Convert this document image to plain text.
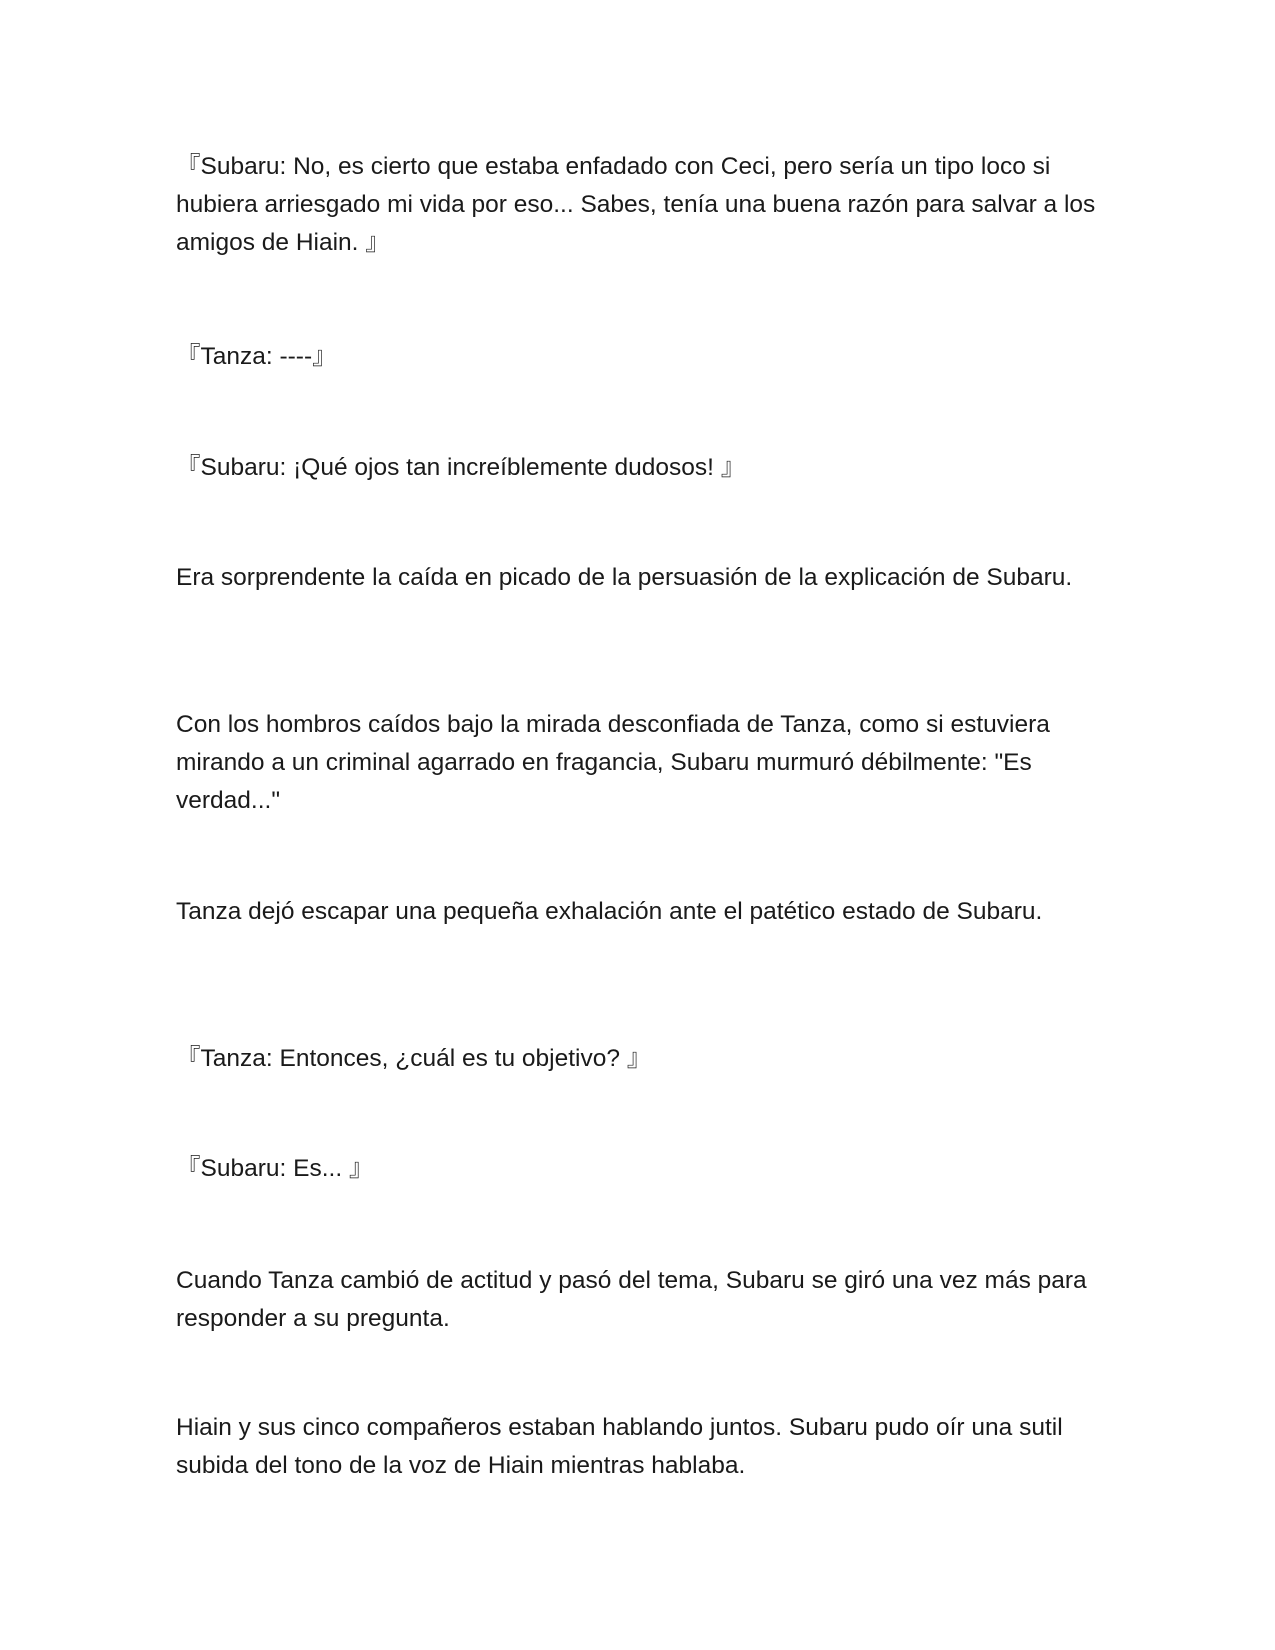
『Subaru: No, es cierto que estaba enfadado con Ceci, pero sería un tipo loco si hubiera arriesgado mi vida por eso... Sabes, tenía una buena razón para salvar a los amigos de Hiain. 』

『Tanza: ----』

『Subaru: ¡Qué ojos tan increíblemente dudosos! 』

Era sorprendente la caída en picado de la persuasión de la explicación de Subaru.

Con los hombros caídos bajo la mirada desconfiada de Tanza, como si estuviera mirando a un criminal agarrado en fragancia, Subaru murmuró débilmente: "Es verdad..."

Tanza dejó escapar una pequeña exhalación ante el patético estado de Subaru.

『Tanza: Entonces, ¿cuál es tu objetivo? 』

『Subaru: Es... 』

Cuando Tanza cambió de actitud y pasó del tema, Subaru se giró una vez más para responder a su pregunta.

Hiain y sus cinco compañeros estaban hablando juntos. Subaru pudo oír una sutil subida del tono de la voz de Hiain mientras hablaba.
